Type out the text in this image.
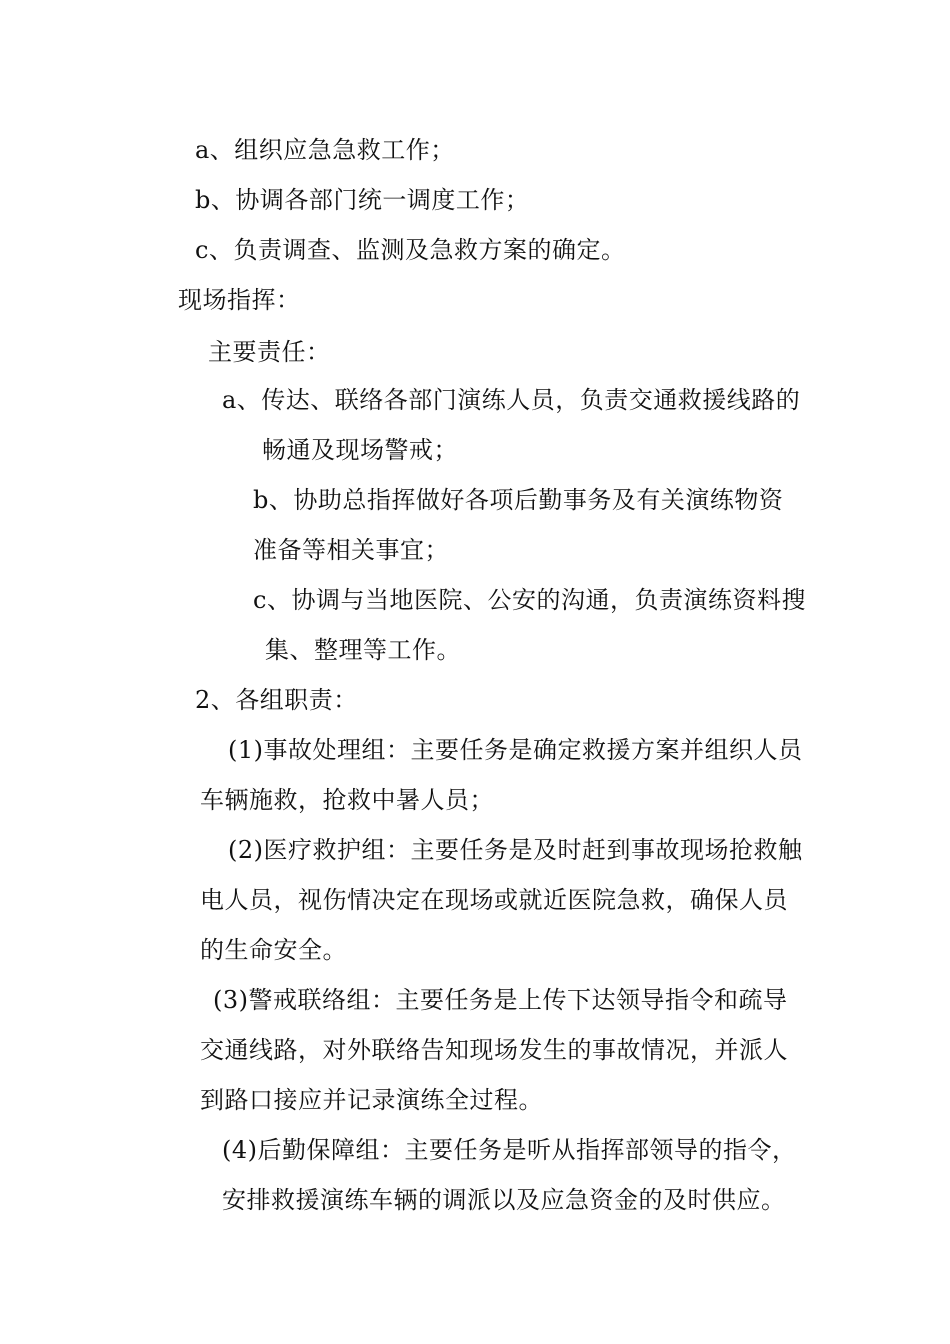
a、组织应急急救工作；
b、协调各部门统一调度工作；
c、负责调查、监测及急救方案的确定。
现场指挥：
主要责任：
a、传达、联络各部门演练人员，负责交通救援线路的
畅通及现场警戒；
b、协助总指挥做好各项后勤事务及有关演练物资
准备等相关事宜；
c、协调与当地医院、公安的沟通，负责演练资料搜
集、整理等工作。
2、各组职责：
(1)事故处理组：主要任务是确定救援方案并组织人员
车辆施救，抢救中暑人员；
(2)医疗救护组：主要任务是及时赶到事故现场抢救触
电人员，视伤情决定在现场或就近医院急救，确保人员
的生命安全。
(3)警戒联络组：主要任务是上传下达领导指令和疏导
交通线路，对外联络告知现场发生的事故情况，并派人
到路口接应并记录演练全过程。
(4)后勤保障组：主要任务是听从指挥部领导的指令，
安排救援演练车辆的调派以及应急资金的及时供应。
